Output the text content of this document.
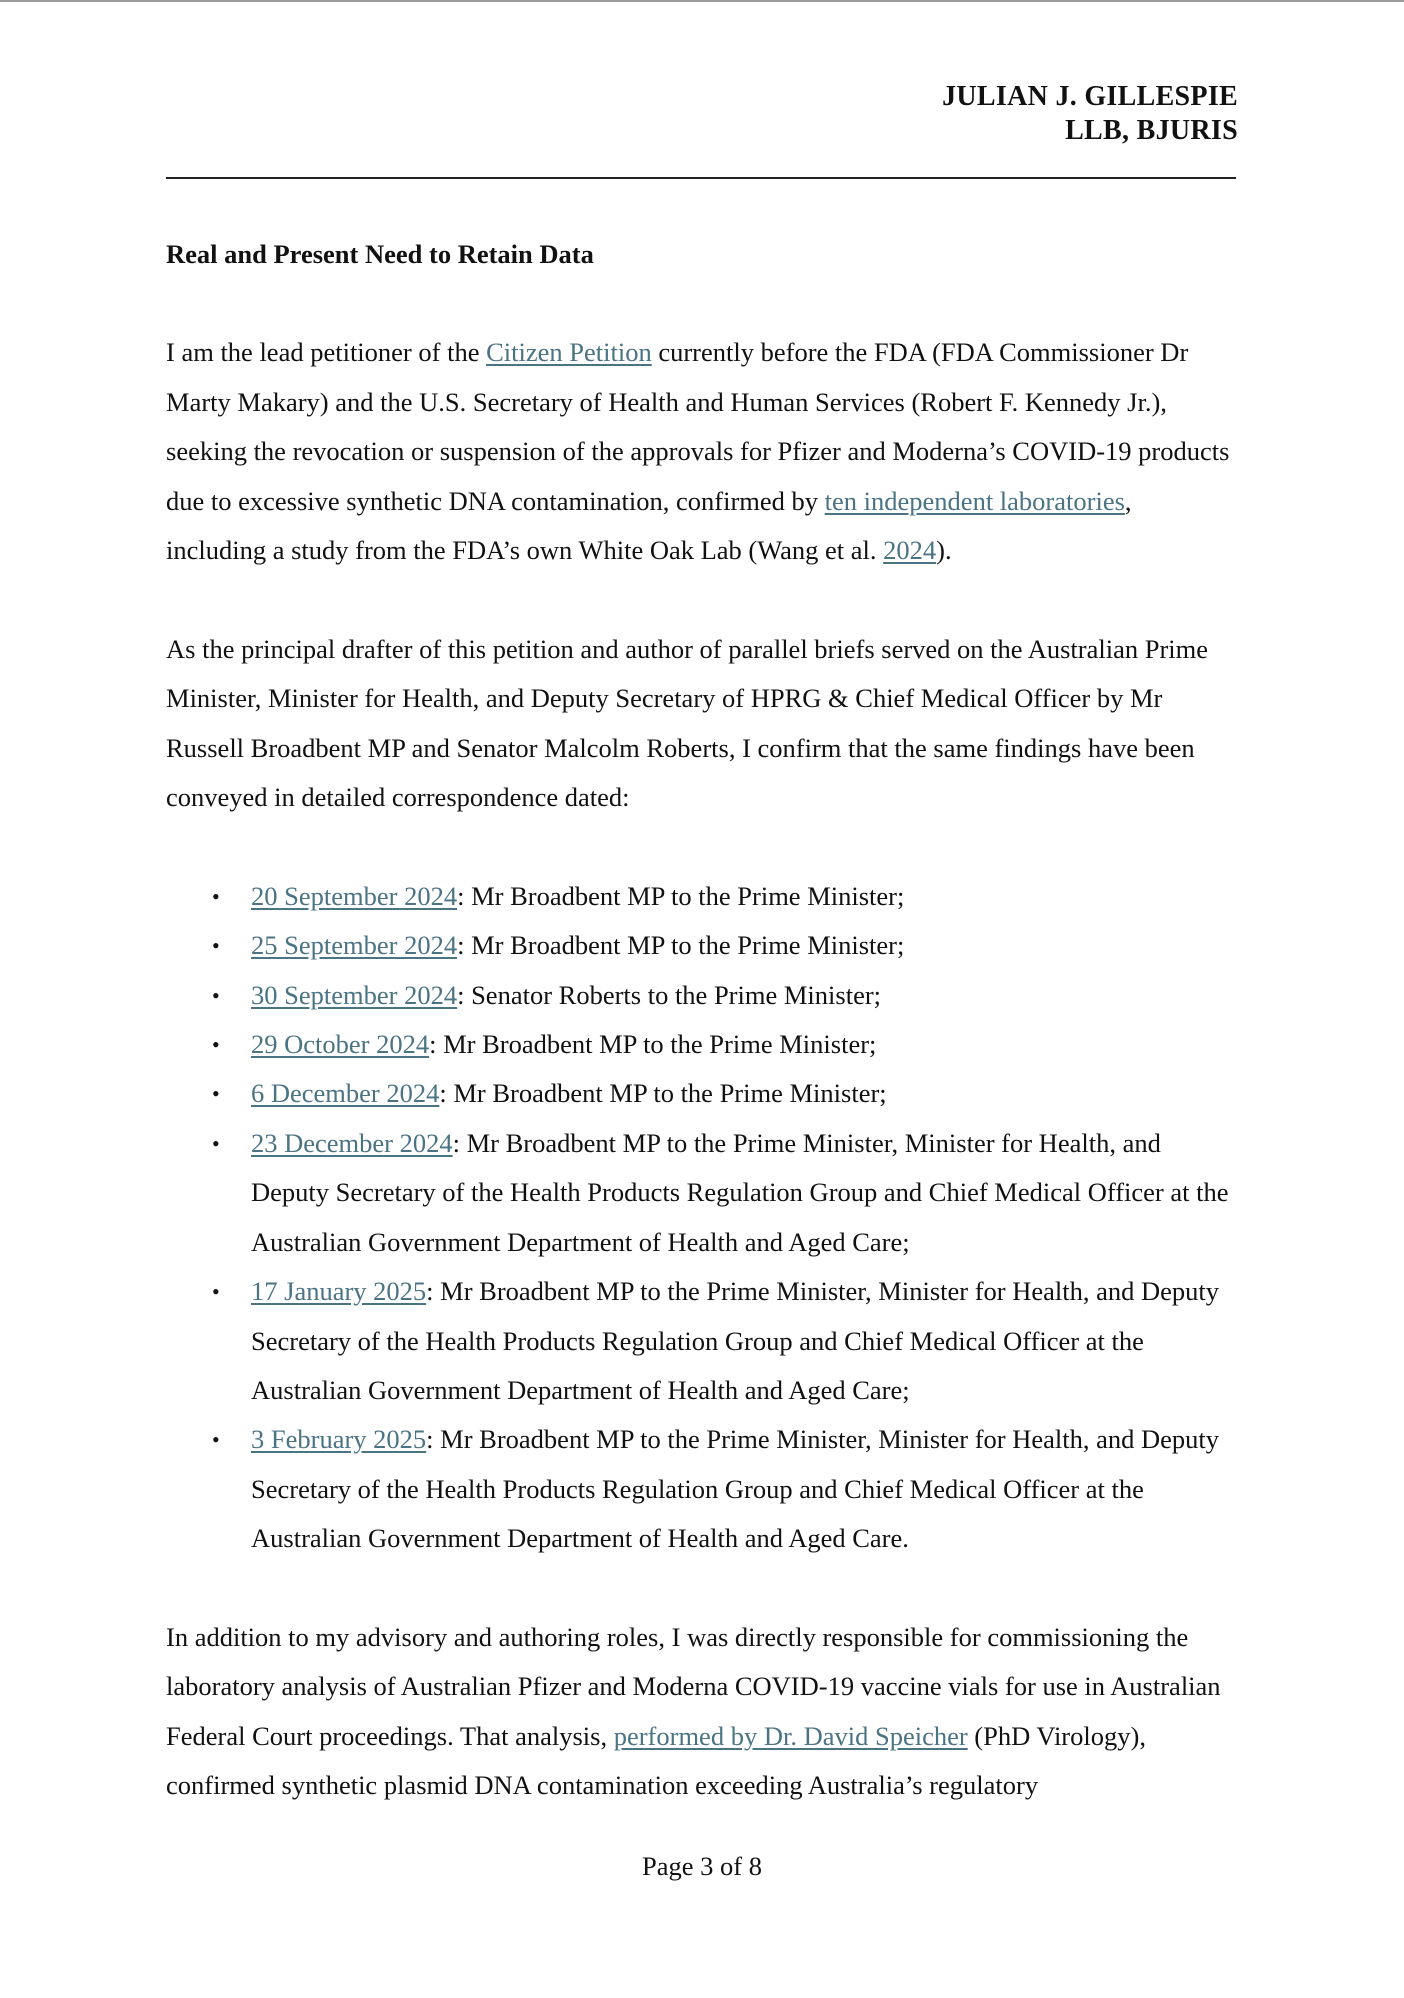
JULIAN J. GILLESPIE
LLB, BJURIS
Real and Present Need to Retain Data

I am the lead petitioner of the Citizen Petition currently before the FDA (FDA Commissioner Dr Marty Makary) and the U.S. Secretary of Health and Human Services (Robert F. Kennedy Jr.), seeking the revocation or suspension of the approvals for Pfizer and Moderna’s COVID-19 products due to excessive synthetic DNA contamination, confirmed by ten independent laboratories, including a study from the FDA’s own White Oak Lab (Wang et al. 2024).

As the principal drafter of this petition and author of parallel briefs served on the Australian Prime Minister, Minister for Health, and Deputy Secretary of HPRG & Chief Medical Officer by Mr Russell Broadbent MP and Senator Malcolm Roberts, I confirm that the same findings have been conveyed in detailed correspondence dated:

• 20 September 2024: Mr Broadbent MP to the Prime Minister;
• 25 September 2024: Mr Broadbent MP to the Prime Minister;
• 30 September 2024: Senator Roberts to the Prime Minister;
• 29 October 2024: Mr Broadbent MP to the Prime Minister;
• 6 December 2024: Mr Broadbent MP to the Prime Minister;
• 23 December 2024: Mr Broadbent MP to the Prime Minister, Minister for Health, and Deputy Secretary of the Health Products Regulation Group and Chief Medical Officer at the Australian Government Department of Health and Aged Care;
• 17 January 2025: Mr Broadbent MP to the Prime Minister, Minister for Health, and Deputy Secretary of the Health Products Regulation Group and Chief Medical Officer at the Australian Government Department of Health and Aged Care;
• 3 February 2025: Mr Broadbent MP to the Prime Minister, Minister for Health, and Deputy Secretary of the Health Products Regulation Group and Chief Medical Officer at the Australian Government Department of Health and Aged Care.

In addition to my advisory and authoring roles, I was directly responsible for commissioning the laboratory analysis of Australian Pfizer and Moderna COVID-19 vaccine vials for use in Australian Federal Court proceedings. That analysis, performed by Dr. David Speicher (PhD Virology), confirmed synthetic plasmid DNA contamination exceeding Australia’s regulatory

Page 3 of 8
